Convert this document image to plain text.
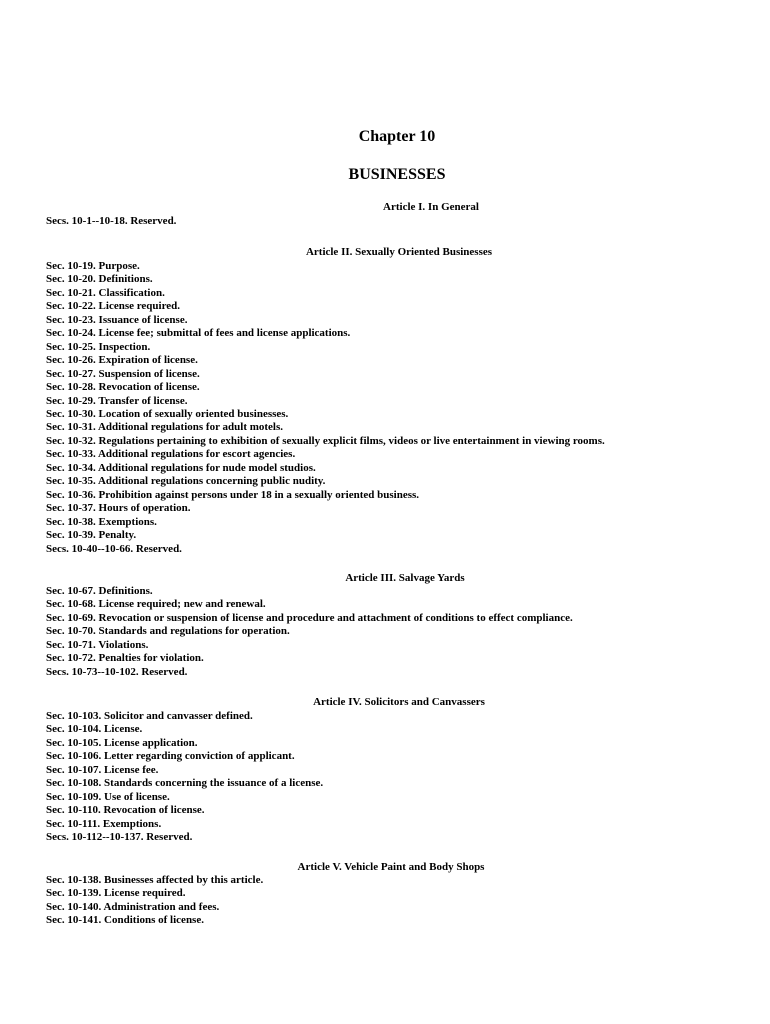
Chapter 10
BUSINESSES
Article I. In General
Secs. 10-1--10-18. Reserved.
Article II. Sexually Oriented Businesses
Sec. 10-19. Purpose.
Sec. 10-20. Definitions.
Sec. 10-21. Classification.
Sec. 10-22. License required.
Sec. 10-23. Issuance of license.
Sec. 10-24. License fee; submittal of fees and license applications.
Sec. 10-25. Inspection.
Sec. 10-26. Expiration of license.
Sec. 10-27. Suspension of license.
Sec. 10-28. Revocation of license.
Sec. 10-29. Transfer of license.
Sec. 10-30. Location of sexually oriented businesses.
Sec. 10-31. Additional regulations for adult motels.
Sec. 10-32. Regulations pertaining to exhibition of sexually explicit films, videos or live entertainment in viewing rooms.
Sec. 10-33. Additional regulations for escort agencies.
Sec. 10-34. Additional regulations for nude model studios.
Sec. 10-35. Additional regulations concerning public nudity.
Sec. 10-36. Prohibition against persons under 18 in a sexually oriented business.
Sec. 10-37. Hours of operation.
Sec. 10-38. Exemptions.
Sec. 10-39. Penalty.
Secs. 10-40--10-66. Reserved.
Article III. Salvage Yards
Sec. 10-67. Definitions.
Sec. 10-68. License required; new and renewal.
Sec. 10-69. Revocation or suspension of license and procedure and attachment of conditions to effect compliance.
Sec. 10-70. Standards and regulations for operation.
Sec. 10-71. Violations.
Sec. 10-72. Penalties for violation.
Secs. 10-73--10-102. Reserved.
Article IV. Solicitors and Canvassers
Sec. 10-103. Solicitor and canvasser defined.
Sec. 10-104. License.
Sec. 10-105. License application.
Sec. 10-106. Letter regarding conviction of applicant.
Sec. 10-107. License fee.
Sec. 10-108. Standards concerning the issuance of a license.
Sec. 10-109. Use of license.
Sec. 10-110. Revocation of license.
Sec. 10-111. Exemptions.
Secs. 10-112--10-137. Reserved.
Article V. Vehicle Paint and Body Shops
Sec. 10-138. Businesses affected by this article.
Sec. 10-139. License required.
Sec. 10-140. Administration and fees.
Sec. 10-141. Conditions of license.
